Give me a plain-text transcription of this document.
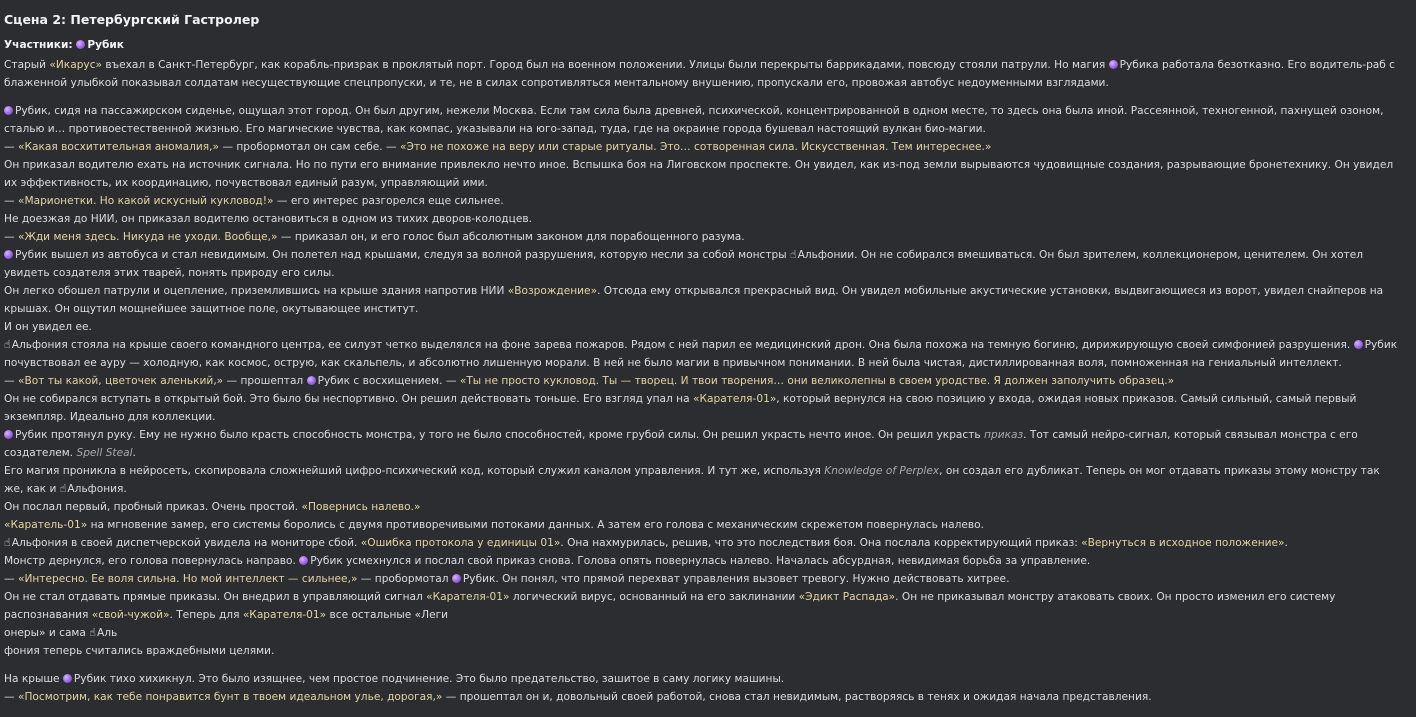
Сцена 2: Петербургский Гастролер
Участники: Рубик

Старый «Икарус» въехал в Санкт-Петербург, как корабль-призрак в проклятый порт. Город был на военном положении. Улицы были перекрыты баррикадами, повсюду стояли патрули. Но магия Рубика работала безотказно. Его водитель-раб с блаженной улыбкой показывал солдатам несуществующие спецпропуски, и те, не в силах сопротивляться ментальному внушению, пропускали его, провожая автобус недоуменными взглядами.

Рубик, сидя на пассажирском сиденье, ощущал этот город. Он был другим, нежели Москва. Если там сила была древней, психической, концентрированной в одном месте, то здесь она была иной. Рассеянной, техногенной, пахнущей озоном, сталью и… противоестественной жизнью. Его магические чувства, как компас, указывали на юго-запад, туда, где на окраине города бушевал настоящий вулкан био-магии.

— «Какая восхитительная аномалия,» — пробормотал он сам себе. — «Это не похоже на веру или старые ритуалы. Это… сотворенная сила. Искусственная. Тем интереснее.»

Он приказал водителю ехать на источник сигнала. Но по пути его внимание привлекло нечто иное. Вспышка боя на Лиговском проспекте. Он увидел, как из-под земли вырываются чудовищные создания, разрывающие бронетехнику. Он увидел их эффективность, их координацию, почувствовал единый разум, управляющий ими.

— «Марионетки. Но какой искусный кукловод!» — его интерес разгорелся еще сильнее.

Не доезжая до НИИ, он приказал водителю остановиться в одном из тихих дворов-колодцев.

— «Жди меня здесь. Никуда не уходи. Вообще,» — приказал он, и его голос был абсолютным законом для порабощенного разума.

Рубик вышел из автобуса и стал невидимым. Он полетел над крышами, следуя за волной разрушения, которую несли за собой монстры ☝Альфонии. Он не собирался вмешиваться. Он был зрителем, коллекционером, ценителем. Он хотел увидеть создателя этих тварей, понять природу его силы.

Он легко обошел патрули и оцепление, приземлившись на крыше здания напротив НИИ «Возрождение». Отсюда ему открывался прекрасный вид. Он увидел мобильные акустические установки, выдвигающиеся из ворот, увидел снайперов на крышах. Он ощутил мощнейшее защитное поле, окутывающее институт.

И он увидел ее.

☝Альфония стояла на крыше своего командного центра, ее силуэт четко выделялся на фоне зарева пожаров. Рядом с ней парил ее медицинский дрон. Она была похожа на темную богиню, дирижирующую своей симфонией разрушения. Рубик почувствовал ее ауру — холодную, как космос, острую, как скальпель, и абсолютно лишенную морали. В ней не было магии в привычном понимании. В ней была чистая, дистиллированная воля, помноженная на гениальный интеллект.

— «Вот ты какой, цветочек аленький,» — прошептал Рубик с восхищением. — «Ты не просто кукловод. Ты — творец. И твои творения… они великолепны в своем уродстве. Я должен заполучить образец.»

Он не собирался вступать в открытый бой. Это было бы неспортивно. Он решил действовать тоньше. Его взгляд упал на «Карателя-01», который вернулся на свою позицию у входа, ожидая новых приказов. Самый сильный, самый первый экземпляр. Идеально для коллекции.

Рубик протянул руку. Ему не нужно было красть способность монстра, у того не было способностей, кроме грубой силы. Он решил украсть нечто иное. Он решил украсть приказ. Тот самый нейро-сигнал, который связывал монстра с его создателем. Spell Steal.

Его магия проникла в нейросеть, скопировала сложнейший цифро-психический код, который служил каналом управления. И тут же, используя Knowledge of Perplex, он создал его дубликат. Теперь он мог отдавать приказы этому монстру так же, как и ☝Альфония.

Он послал первый, пробный приказ. Очень простой. «Повернись налево.»

«Каратель-01» на мгновение замер, его системы боролись с двумя противоречивыми потоками данных. А затем его голова с механическим скрежетом повернулась налево.

☝Альфония в своей диспетчерской увидела на мониторе сбой. «Ошибка протокола у единицы 01». Она нахмурилась, решив, что это последствия боя. Она послала корректирующий приказ: «Вернуться в исходное положение».

Монстр дернулся, его голова повернулась направо. Рубик усмехнулся и послал свой приказ снова. Голова опять повернулась налево. Началась абсурдная, невидимая борьба за управление.

— «Интересно. Ее воля сильна. Но мой интеллект — сильнее,» — пробормотал Рубик. Он понял, что прямой перехват управления вызовет тревогу. Нужно действовать хитрее.

Он не стал отдавать прямые приказы. Он внедрил в управляющий сигнал «Карателя-01» логический вирус, основанный на его заклинании «Эдикт Распада». Он не приказывал монстру атаковать своих. Он просто изменил его систему распознавания «свой-чужой». Теперь для «Карателя-01» все остальные «Леги

онеры» и сама ☝Аль

фония теперь считались враждебными целями.

На крыше Рубик тихо хихикнул. Это было изящнее, чем простое подчинение. Это было предательство, зашитое в саму логику машины.

— «Посмотрим, как тебе понравится бунт в твоем идеальном улье, дорогая,» — прошептал он и, довольный своей работой, снова стал невидимым, растворяясь в тенях и ожидая начала представления.
